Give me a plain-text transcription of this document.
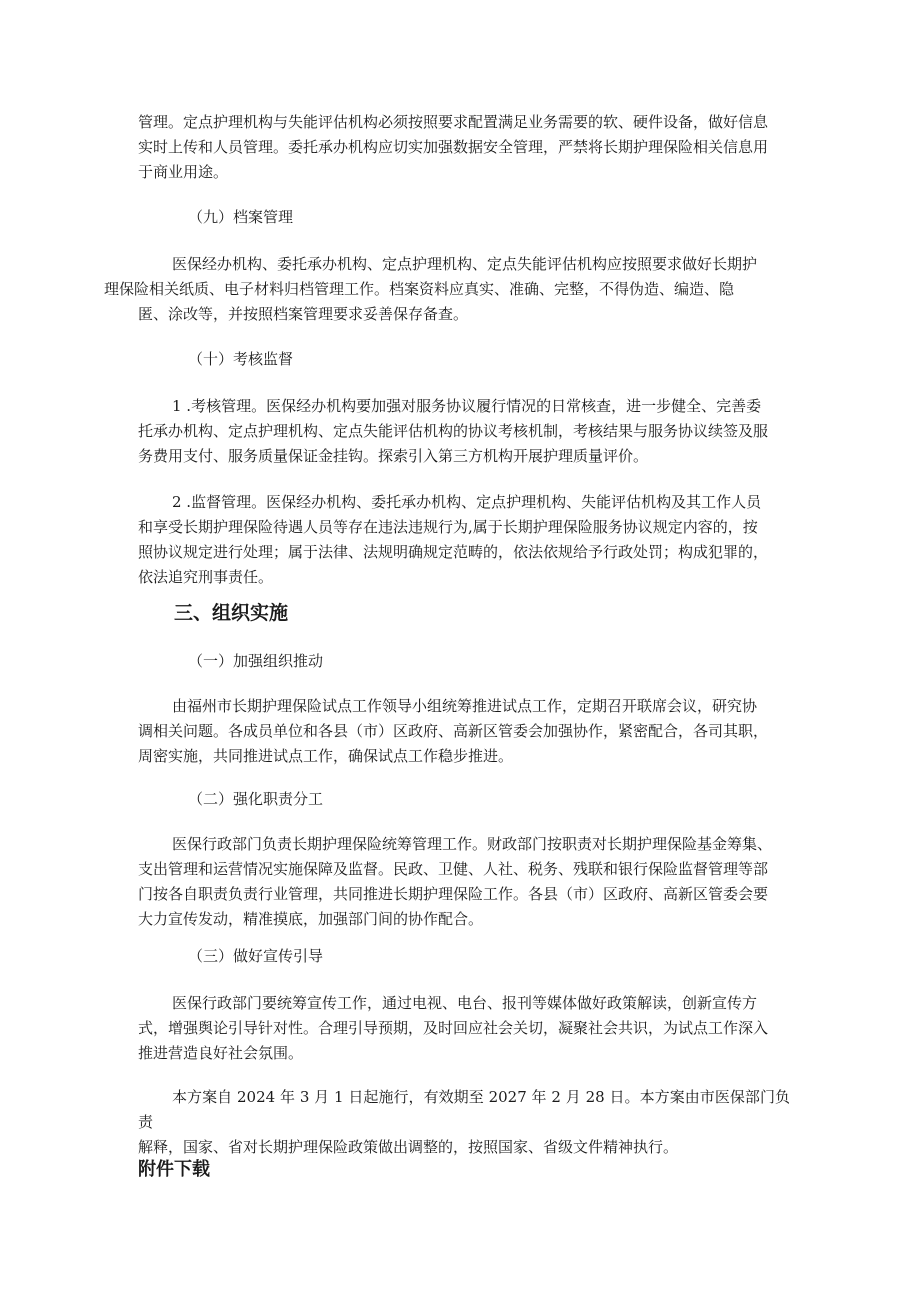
管理。定点护理机构与失能评估机构必须按照要求配置满足业务需要的软、硬件设备，做好信息
实时上传和人员管理。委托承办机构应切实加强数据安全管理，严禁将长期护理保险相关信息用
于商业用途。

（九）档案管理

医保经办机构、委托承办机构、定点护理机构、定点失能评估机构应按照要求做好长期护
理保险相关纸质、电子材料归档管理工作。档案资料应真实、准确、完整，不得伪造、编造、隐
匿、涂改等，并按照档案管理要求妥善保存备查。

（十）考核监督

1 .考核管理。医保经办机构要加强对服务协议履行情况的日常核查，进一步健全、完善委
托承办机构、定点护理机构、定点失能评估机构的协议考核机制，考核结果与服务协议续签及服
务费用支付、服务质量保证金挂钩。探索引入第三方机构开展护理质量评价。

2 .监督管理。医保经办机构、委托承办机构、定点护理机构、失能评估机构及其工作人员
和享受长期护理保险待遇人员等存在违法违规行为,属于长期护理保险服务协议规定内容的，按
照协议规定进行处理；属于法律、法规明确规定范畴的，依法依规给予行政处罚；构成犯罪的，
依法追究刑事责任。

三、组织实施

（一）加强组织推动

由福州市长期护理保险试点工作领导小组统筹推进试点工作，定期召开联席会议，研究协
调相关问题。各成员单位和各县（市）区政府、高新区管委会加强协作，紧密配合，各司其职，
周密实施，共同推进试点工作，确保试点工作稳步推进。

（二）强化职责分工

医保行政部门负责长期护理保险统筹管理工作。财政部门按职责对长期护理保险基金筹集、
支出管理和运营情况实施保障及监督。民政、卫健、人社、税务、残联和银行保险监督管理等部
门按各自职责负责行业管理，共同推进长期护理保险工作。各县（市）区政府、高新区管委会要
大力宣传发动，精准摸底，加强部门间的协作配合。

（三）做好宣传引导

医保行政部门要统筹宣传工作，通过电视、电台、报刊等媒体做好政策解读，创新宣传方
式，增强舆论引导针对性。合理引导预期，及时回应社会关切，凝聚社会共识，为试点工作深入
推进营造良好社会氛围。

本方案自 2024 年 3 月 1 日起施行，有效期至 2027 年 2 月 28 日。本方案由市医保部门负责
解释，国家、省对长期护理保险政策做出调整的，按照国家、省级文件精神执行。

附件下载
